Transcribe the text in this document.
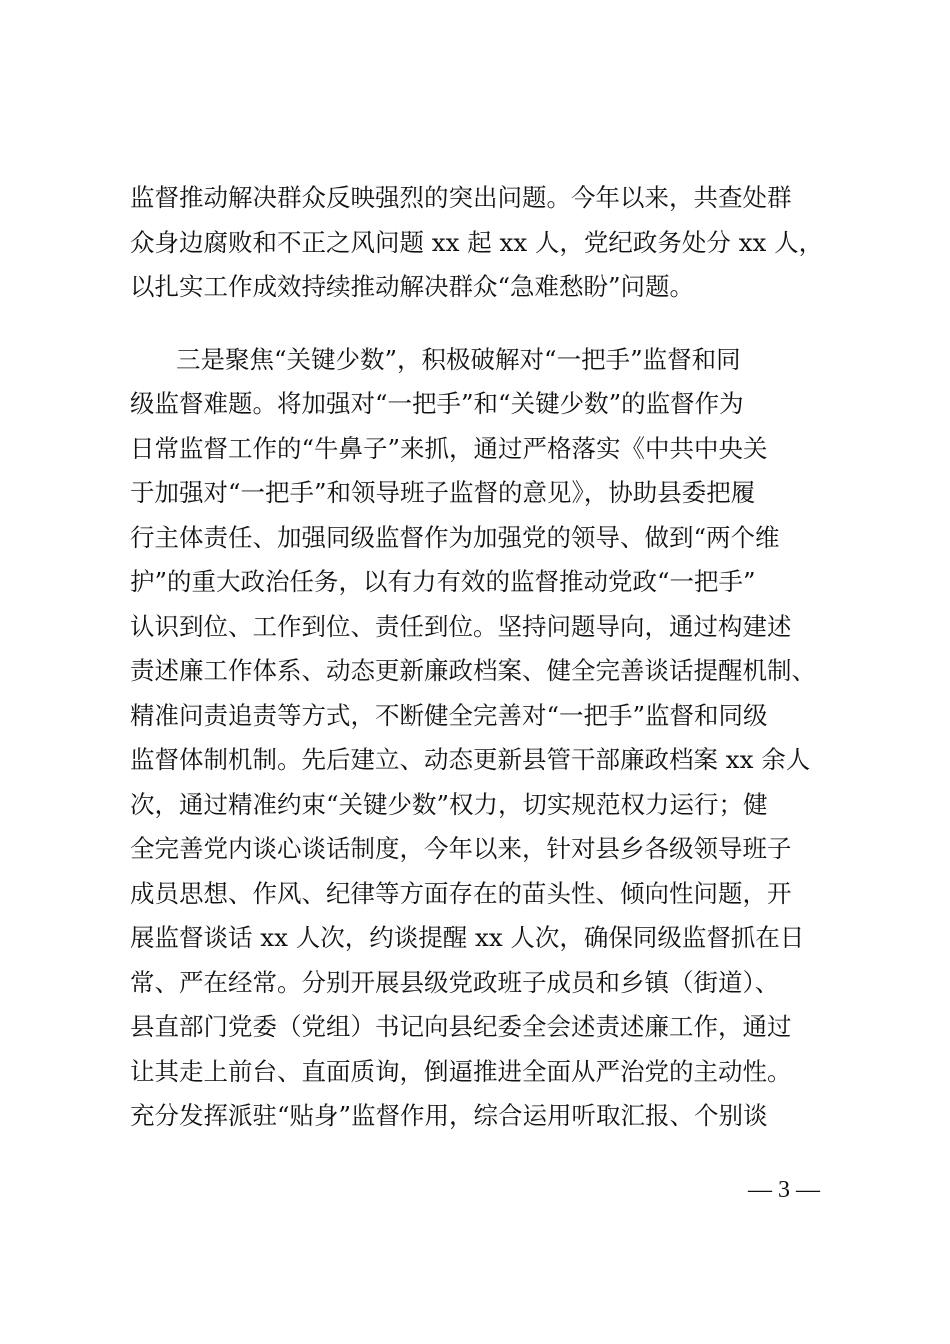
监督推动解决群众反映强烈的突出问题。今年以来，共查处群
众身边腐败和不正之风问题 xx 起 xx 人，党纪政务处分 xx 人，
以扎实工作成效持续推动解决群众“急难愁盼”问题。
三是聚焦“关键少数”，积极破解对“一把手”监督和同
级监督难题。将加强对“一把手”和“关键少数”的监督作为
日常监督工作的“牛鼻子”来抓，通过严格落实《中共中央关
于加强对“一把手”和领导班子监督的意见》，协助县委把履
行主体责任、加强同级监督作为加强党的领导、做到“两个维
护”的重大政治任务，以有力有效的监督推动党政“一把手”
认识到位、工作到位、责任到位。坚持问题导向，通过构建述
责述廉工作体系、动态更新廉政档案、健全完善谈话提醒机制、
精准问责追责等方式，不断健全完善对“一把手”监督和同级
监督体制机制。先后建立、动态更新县管干部廉政档案 xx 余人
次，通过精准约束“关键少数”权力，切实规范权力运行；健
全完善党内谈心谈话制度，今年以来，针对县乡各级领导班子
成员思想、作风、纪律等方面存在的苗头性、倾向性问题，开
展监督谈话 xx 人次，约谈提醒 xx 人次，确保同级监督抓在日
常、严在经常。分别开展县级党政班子成员和乡镇（街道）、
县直部门党委（党组）书记向县纪委全会述责述廉工作，通过
让其走上前台、直面质询，倒逼推进全面从严治党的主动性。
充分发挥派驻“贴身”监督作用，综合运用听取汇报、个别谈
— 3 —
